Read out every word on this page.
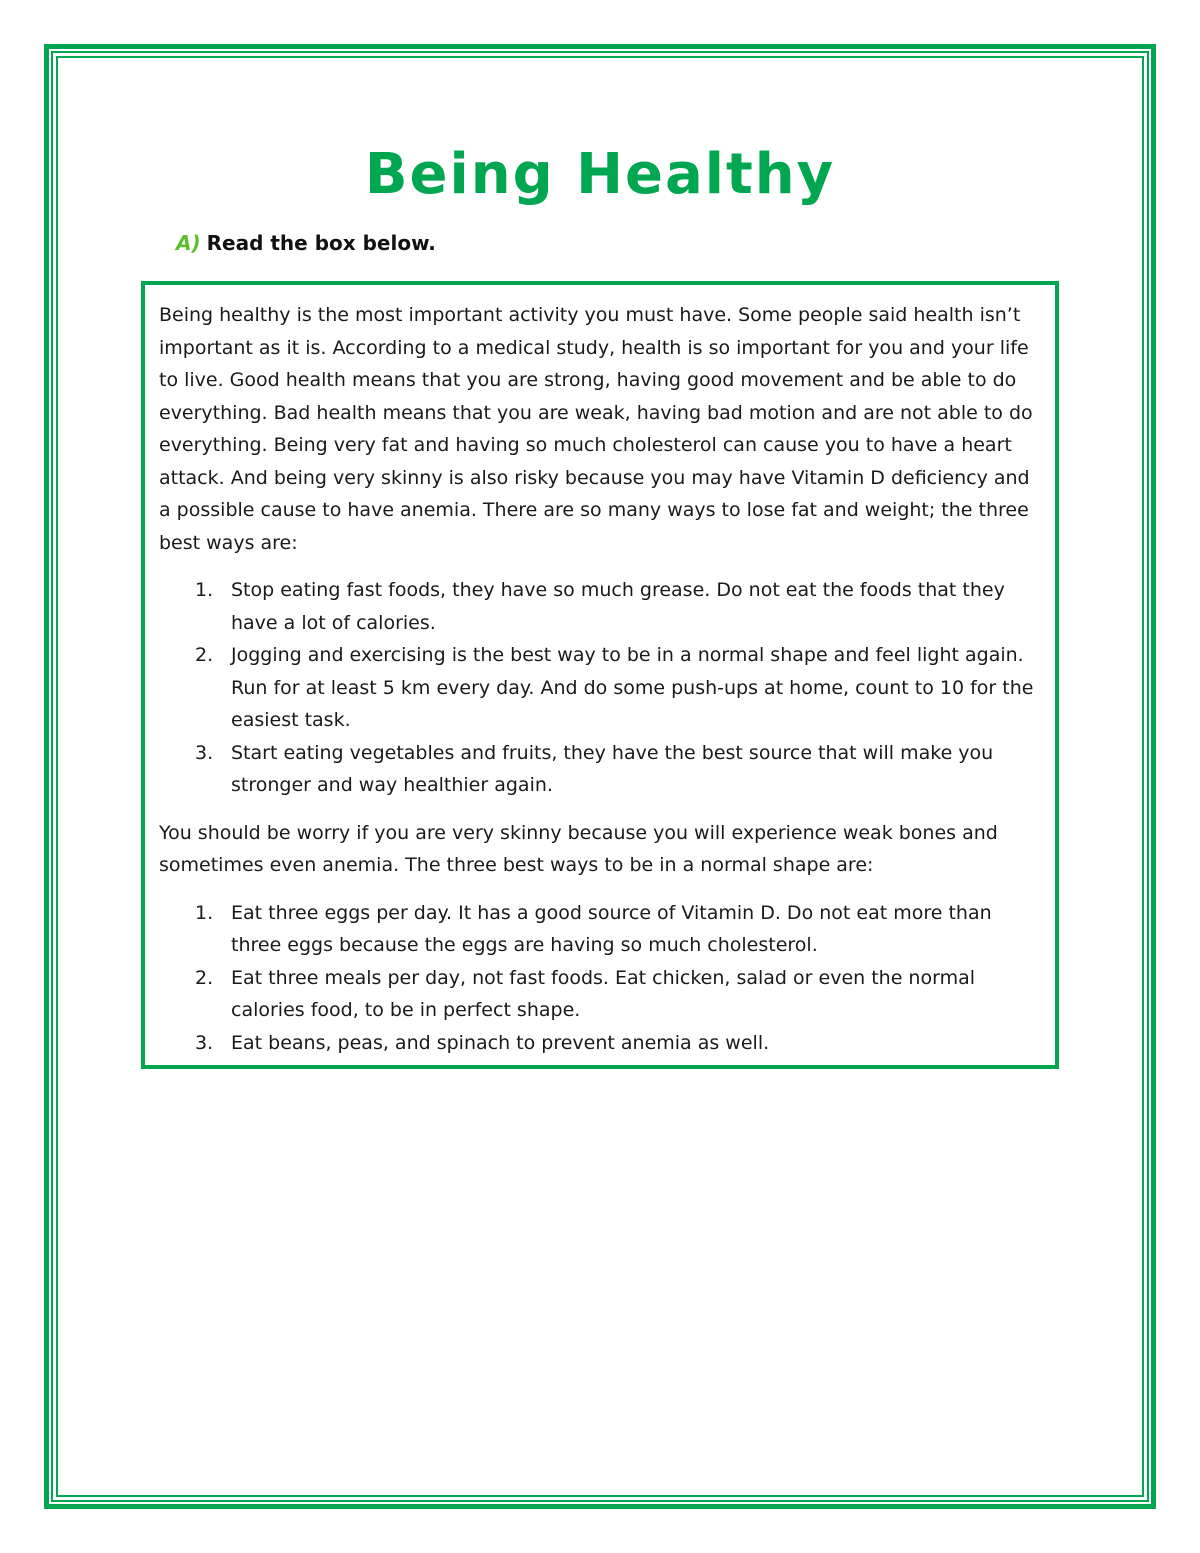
Being Healthy
A) Read the box below.

Being healthy is the most important activity you must have. Some people said health isn’t important as it is. According to a medical study, health is so important for you and your life to live. Good health means that you are strong, having good movement and be able to do everything. Bad health means that you are weak, having bad motion and are not able to do everything. Being very fat and having so much cholesterol can cause you to have a heart attack. And being very skinny is also risky because you may have Vitamin D deficiency and a possible cause to have anemia. There are so many ways to lose fat and weight; the three best ways are:

1. Stop eating fast foods, they have so much grease. Do not eat the foods that they have a lot of calories.
2. Jogging and exercising is the best way to be in a normal shape and feel light again. Run for at least 5 km every day. And do some push-ups at home, count to 10 for the easiest task.
3. Start eating vegetables and fruits, they have the best source that will make you stronger and way healthier again.

You should be worry if you are very skinny because you will experience weak bones and sometimes even anemia. The three best ways to be in a normal shape are:

1. Eat three eggs per day. It has a good source of Vitamin D. Do not eat more than three eggs because the eggs are having so much cholesterol.
2. Eat three meals per day, not fast foods. Eat chicken, salad or even the normal calories food, to be in perfect shape.
3. Eat beans, peas, and spinach to prevent anemia as well.
